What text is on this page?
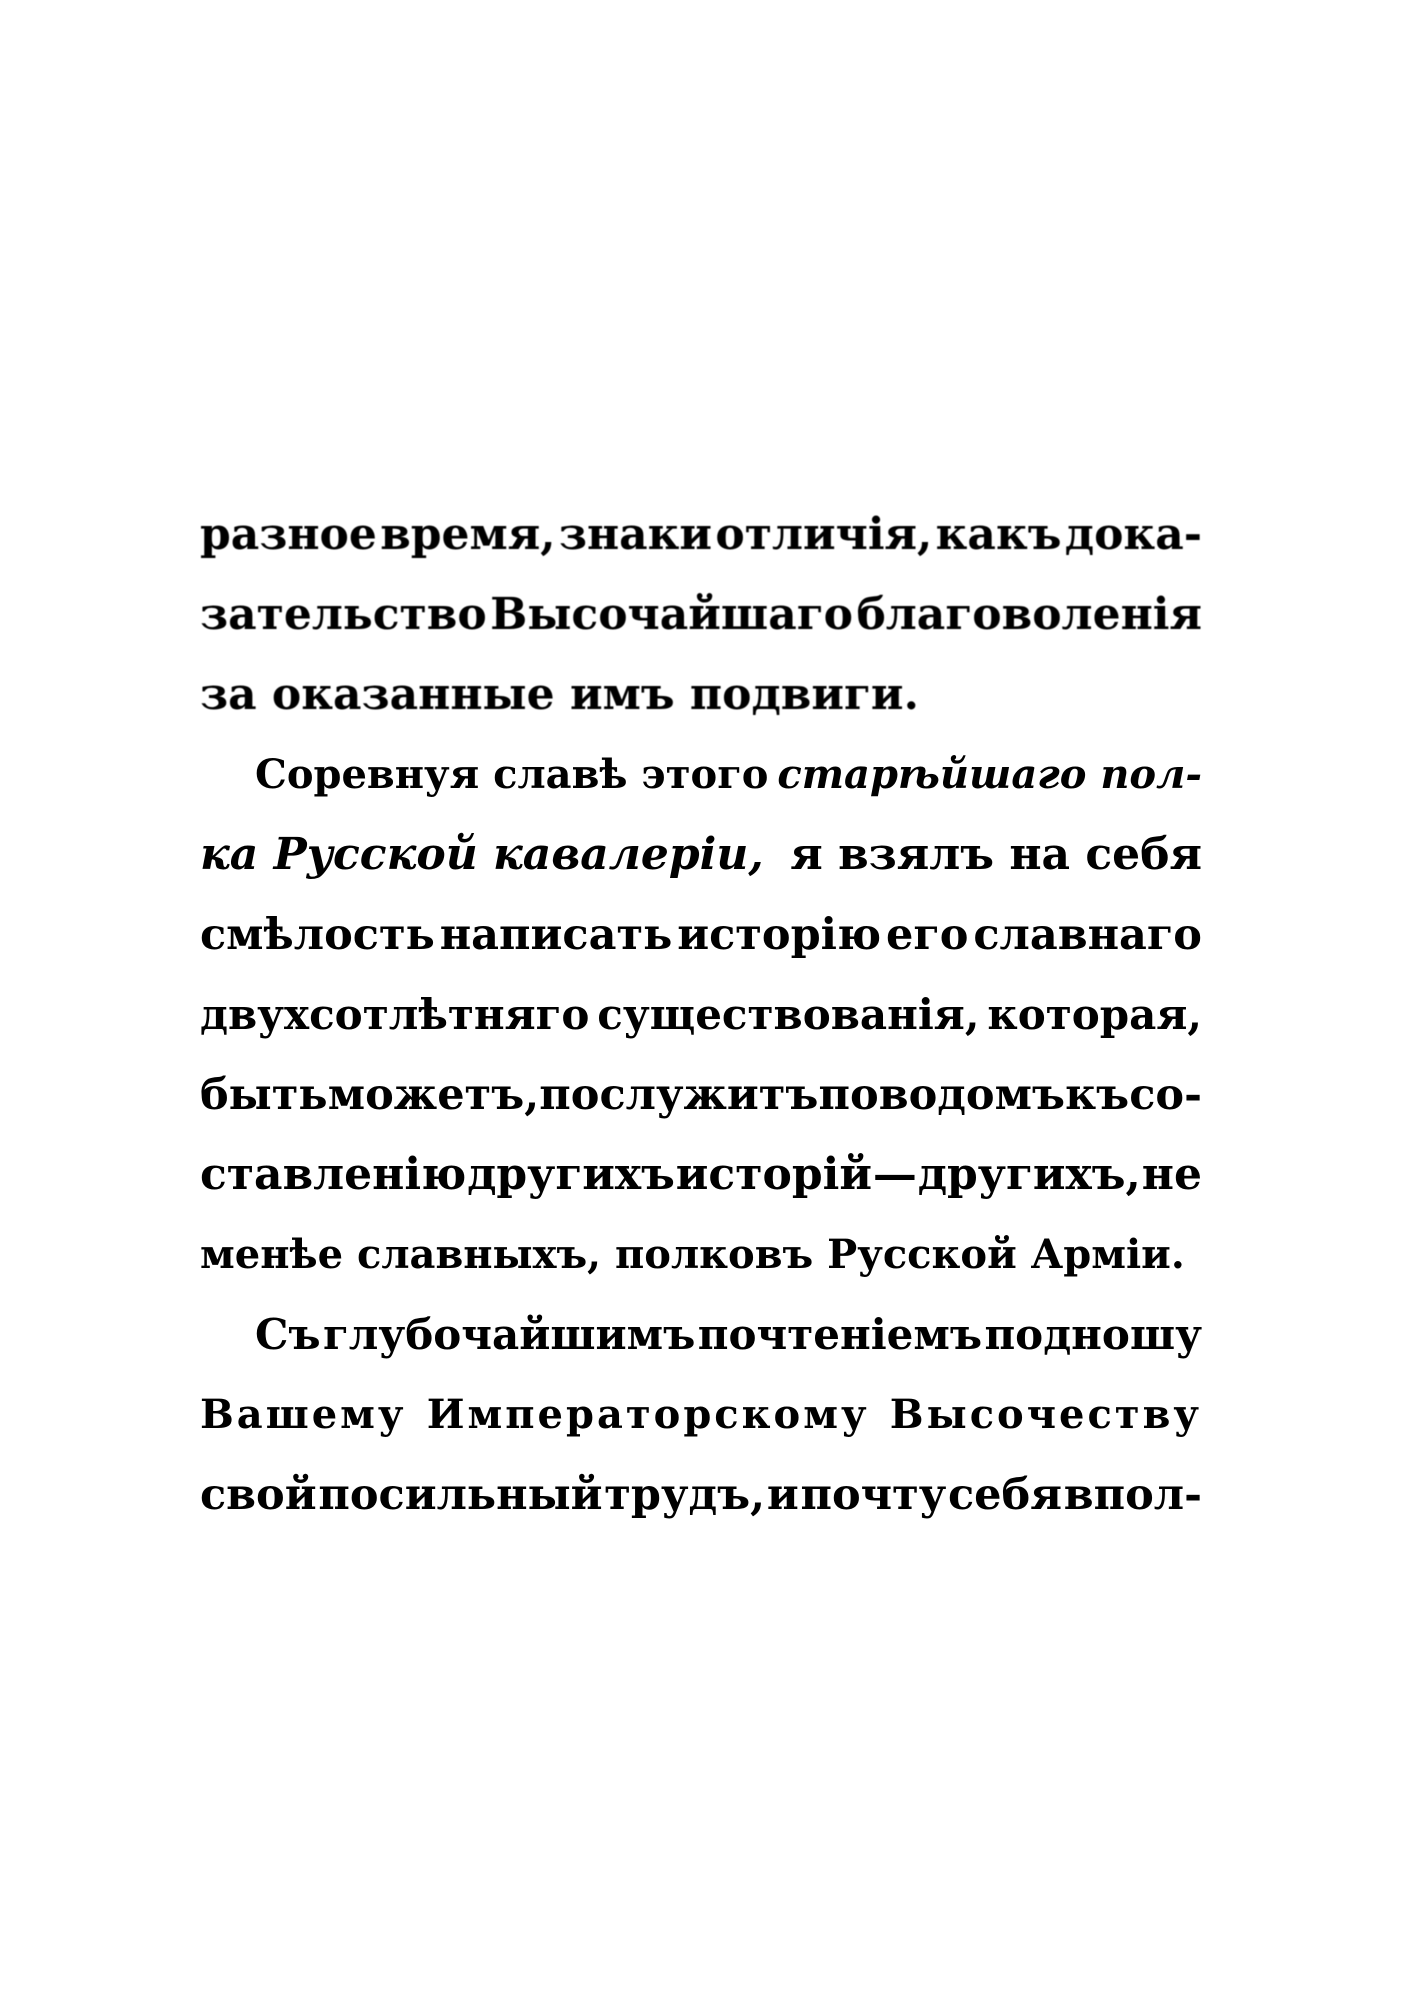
разное время, знаки отличія, какъ дока-
зательство Высочайшаго благоволенія
за оказанные имъ подвиги.
Соревнуя славѣ этого старѣйшаго пол-
ка Русской кавалеріи, я взялъ на себя
смѣлость написать исторію его славнаго
двухсотлѣтняго существованія, которая,
быть можетъ, послужитъ поводомъ къ со-
ставленію другихъ исторій — другихъ, не
менѣе славныхъ, полковъ Русской Арміи.
Съ глубочайшимъ почтеніемъ подношу
Вашему Императорскому Высочеству
свой посильный трудъ, и почту себя впол-
